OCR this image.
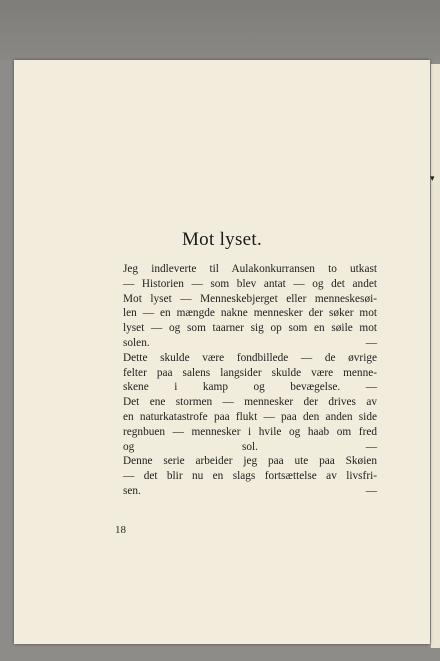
▾
Mot lyset.

Jeg indleverte til Aulakonkurransen to utkast
— Historien — som blev antat — og det andet
Mot lyset — Menneskebjerget eller menneskesøi-
len — en mængde nakne mennesker der søker mot
lyset — og som taarner sig op som en søile mot
solen. —

Dette skulde være fondbillede — de øvrige
felter paa salens langsider skulde være menne-
skene i kamp og bevægelse. —

Det ene stormen — mennesker der drives av
en naturkatastrofe paa flukt — paa den anden side
regnbuen — mennesker i hvile og haab om fred
og sol. —

Denne serie arbeider jeg paa ute paa Skøien
— det blir nu en slags fortsættelse av livsfri-
sen. —

18
